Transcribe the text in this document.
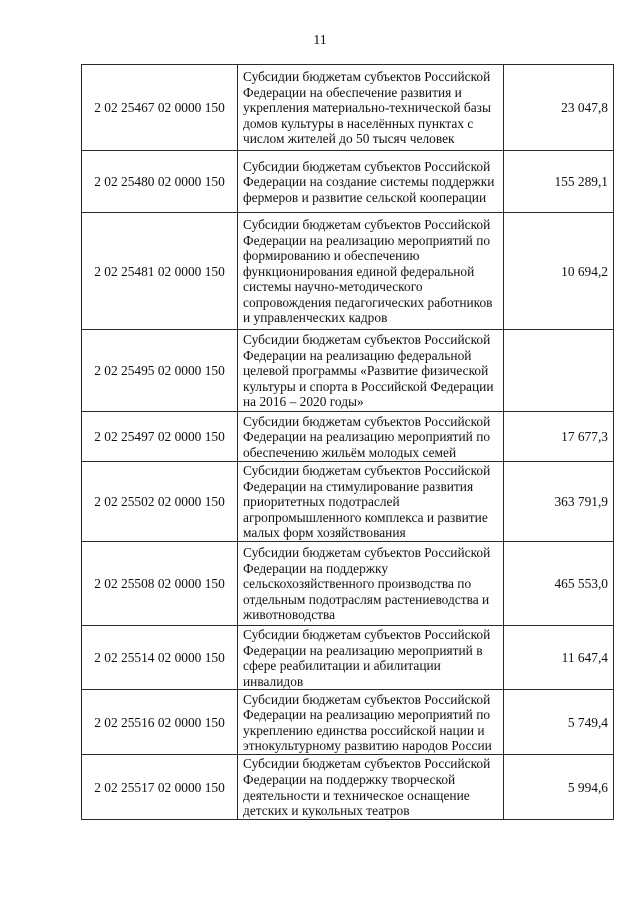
11
2 02 25467 02 0000 150	Субсидии бюджетам субъектов Российской Федерации на обеспечение развития и укрепления материально-технической базы домов культуры в населённых пунктах с числом жителей до 50 тысяч человек	23 047,8
2 02 25480 02 0000 150	Субсидии бюджетам субъектов Российской Федерации на создание системы поддержки фермеров и развитие сельской кооперации	155 289,1
2 02 25481 02 0000 150	Субсидии бюджетам субъектов Российской Федерации на реализацию мероприятий по формированию и обеспечению функционирования единой федеральной системы научно-методического сопровождения педагогических работников и управленческих кадров	10 694,2
2 02 25495 02 0000 150	Субсидии бюджетам субъектов Российской Федерации на реализацию федеральной целевой программы «Развитие физической культуры и спорта в Российской Федерации на 2016 – 2020 годы»	
2 02 25497 02 0000 150	Субсидии бюджетам субъектов Российской Федерации на реализацию мероприятий по обеспечению жильём молодых семей	17 677,3
2 02 25502 02 0000 150	Субсидии бюджетам субъектов Российской Федерации на стимулирование развития приоритетных подотраслей агропромышленного комплекса и развитие малых форм хозяйствования	363 791,9
2 02 25508 02 0000 150	Субсидии бюджетам субъектов Российской Федерации на поддержку сельскохозяйственного производства по отдельным подотраслям растениеводства и животноводства	465 553,0
2 02 25514 02 0000 150	Субсидии бюджетам субъектов Российской Федерации на реализацию мероприятий в сфере реабилитации и абилитации инвалидов	11 647,4
2 02 25516 02 0000 150	Субсидии бюджетам субъектов Российской Федерации на реализацию мероприятий по укреплению единства российской нации и этнокультурному развитию народов России	5 749,4
2 02 25517 02 0000 150	Субсидии бюджетам субъектов Российской Федерации на поддержку творческой деятельности и техническое оснащение детских и кукольных театров	5 994,6
